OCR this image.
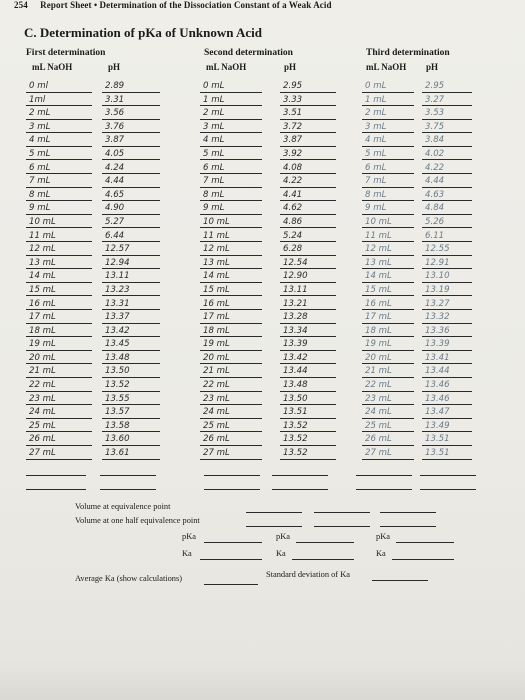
254 Report Sheet • Determination of the Dissociation Constant of a Weak Acid
C. Determination of pKa of Unknown Acid
First determination
mL NaOH	pH
0 ml	2.89
1ml	3.31
2 mL	3.56
3 mL	3.76
4 mL	3.87
5 mL	4.05
6 mL	4.24
7 mL	4.44
8 mL	4.65
9 mL	4.90
10 mL	5.27
11 mL	6.44
12 mL	12.57
13 mL	12.94
14 mL	13.11
15 mL	13.23
16 mL	13.31
17 mL	13.37
18 mL	13.42
19 mL	13.45
20 mL	13.48
21 mL	13.50
22 mL	13.52
23 mL	13.55
24 mL	13.57
25 mL	13.58
26 mL	13.60
27 mL	13.61
Second determination
mL NaOH	pH
0 mL	2.95
1 mL	3.33
2 mL	3.51
3 mL	3.72
4 mL	3.87
5 mL	3.92
6 mL	4.08
7 mL	4.22
8 mL	4.41
9 mL	4.62
10 mL	4.86
11 mL	5.24
12 mL	6.28
13 mL	12.54
14 mL	12.90
15 mL	13.11
16 mL	13.21
17 mL	13.28
18 mL	13.34
19 mL	13.39
20 mL	13.42
21 mL	13.44
22 mL	13.48
23 mL	13.50
24 mL	13.51
25 mL	13.52
26 mL	13.52
27 mL	13.52
Third determination
mL NaOH pH
0 mL	2.95
1 mL	3.27
2 mL	3.53
3 mL	3.75
4 mL	3.84
5 mL	4.02
6 mL	4.22
7 mL	4.44
8 mL	4.63
9 mL	4.84
10 mL	5.26
11 mL	6.11
12 mL	12.55
13 mL	12.91
14 mL	13.10
15 mL	13.19
16 mL	13.27
17 mL	13.32
18 mL	13.36
19 mL	13.39
20 mL	13.41
21 mL	13.44
22 mL	13.46
23 mL	13.46
24 mL	13.47
25 mL	13.49
26 mL	13.51
27 mL	13.51
Volume at equivalence point
Volume at one half equivalence point
pKa	pKa	pKa
Ka	Ka	Ka
Average Ka (show calculations)	Standard deviation of Ka
